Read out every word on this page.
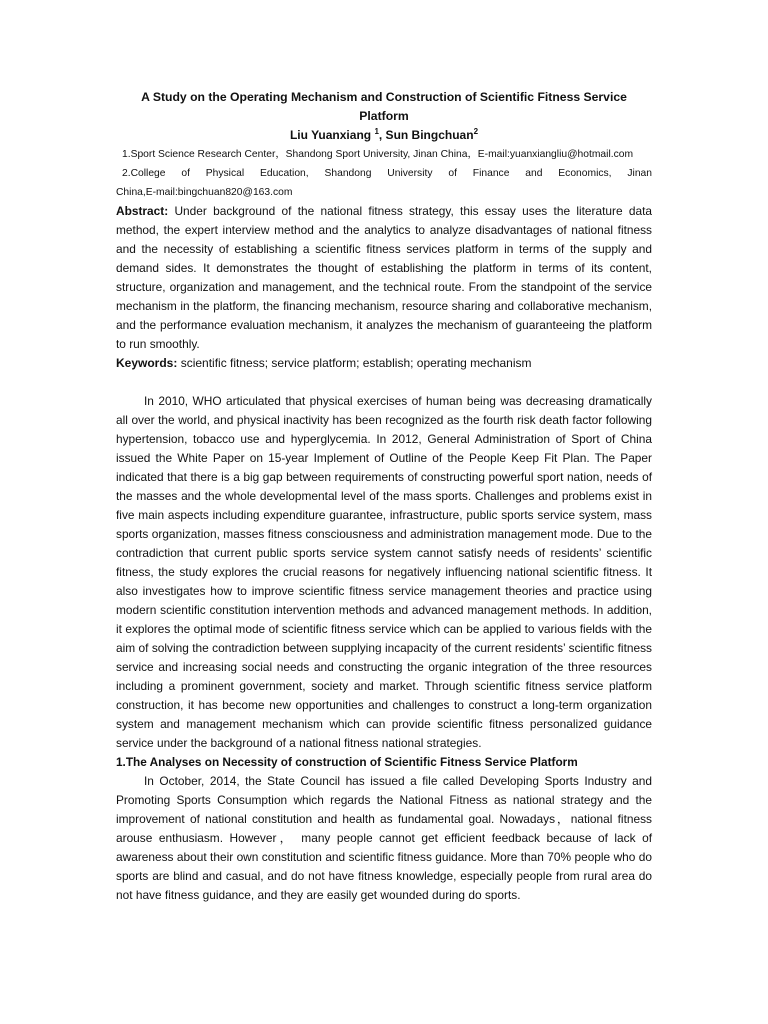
A Study on the Operating Mechanism and Construction of Scientific Fitness Service Platform

Liu Yuanxiang $^1$, Sun Bingchuan$^2$

1.Sport Science Research Center，Shandong Sport University, Jinan China，E-mail:yuanxiangliu@hotmail.com

2.College of Physical Education, Shandong University of Finance and Economics, Jinan

China,E-mail:bingchuan820@163.com

Abstract: Under background of the national fitness strategy, this essay uses the literature data method, the expert interview method and the analytics to analyze disadvantages of national fitness and the necessity of establishing a scientific fitness services platform in terms of the supply and demand sides. It demonstrates the thought of establishing the platform in terms of its content, structure, organization and management, and the technical route. From the standpoint of the service mechanism in the platform, the financing mechanism, resource sharing and collaborative mechanism, and the performance evaluation mechanism, it analyzes the mechanism of guaranteeing the platform to run smoothly.

Keywords: scientific fitness; service platform; establish; operating mechanism

In 2010, WHO articulated that physical exercises of human being was decreasing dramatically all over the world, and physical inactivity has been recognized as the fourth risk death factor following hypertension, tobacco use and hyperglycemia. In 2012, General Administration of Sport of China issued the White Paper on 15-year Implement of Outline of the People Keep Fit Plan. The Paper indicated that there is a big gap between requirements of constructing powerful sport nation, needs of the masses and the whole developmental level of the mass sports. Challenges and problems exist in five main aspects including expenditure guarantee, infrastructure, public sports service system, mass sports organization, masses fitness consciousness and administration management mode. Due to the contradiction that current public sports service system cannot satisfy needs of residents’ scientific fitness, the study explores the crucial reasons for negatively influencing national scientific fitness. It also investigates how to improve scientific fitness service management theories and practice using modern scientific constitution intervention methods and advanced management methods. In addition, it explores the optimal mode of scientific fitness service which can be applied to various fields with the aim of solving the contradiction between supplying incapacity of the current residents’ scientific fitness service and increasing social needs and constructing the organic integration of the three resources including a prominent government, society and market. Through scientific fitness service platform construction, it has become new opportunities and challenges to construct a long-term organization system and management mechanism which can provide scientific fitness personalized guidance service under the background of a national fitness national strategies.

1.The Analyses on Necessity of construction of Scientific Fitness Service Platform

In October, 2014, the State Council has issued a file called Developing Sports Industry and Promoting Sports Consumption which regards the National Fitness as national strategy and the improvement of national constitution and health as fundamental goal. Nowadays，national fitness arouse enthusiasm. However， many people cannot get efficient feedback because of lack of awareness about their own constitution and scientific fitness guidance. More than 70% people who do sports are blind and casual, and do not have fitness knowledge, especially people from rural area do not have fitness guidance, and they are easily get wounded during do sports.
